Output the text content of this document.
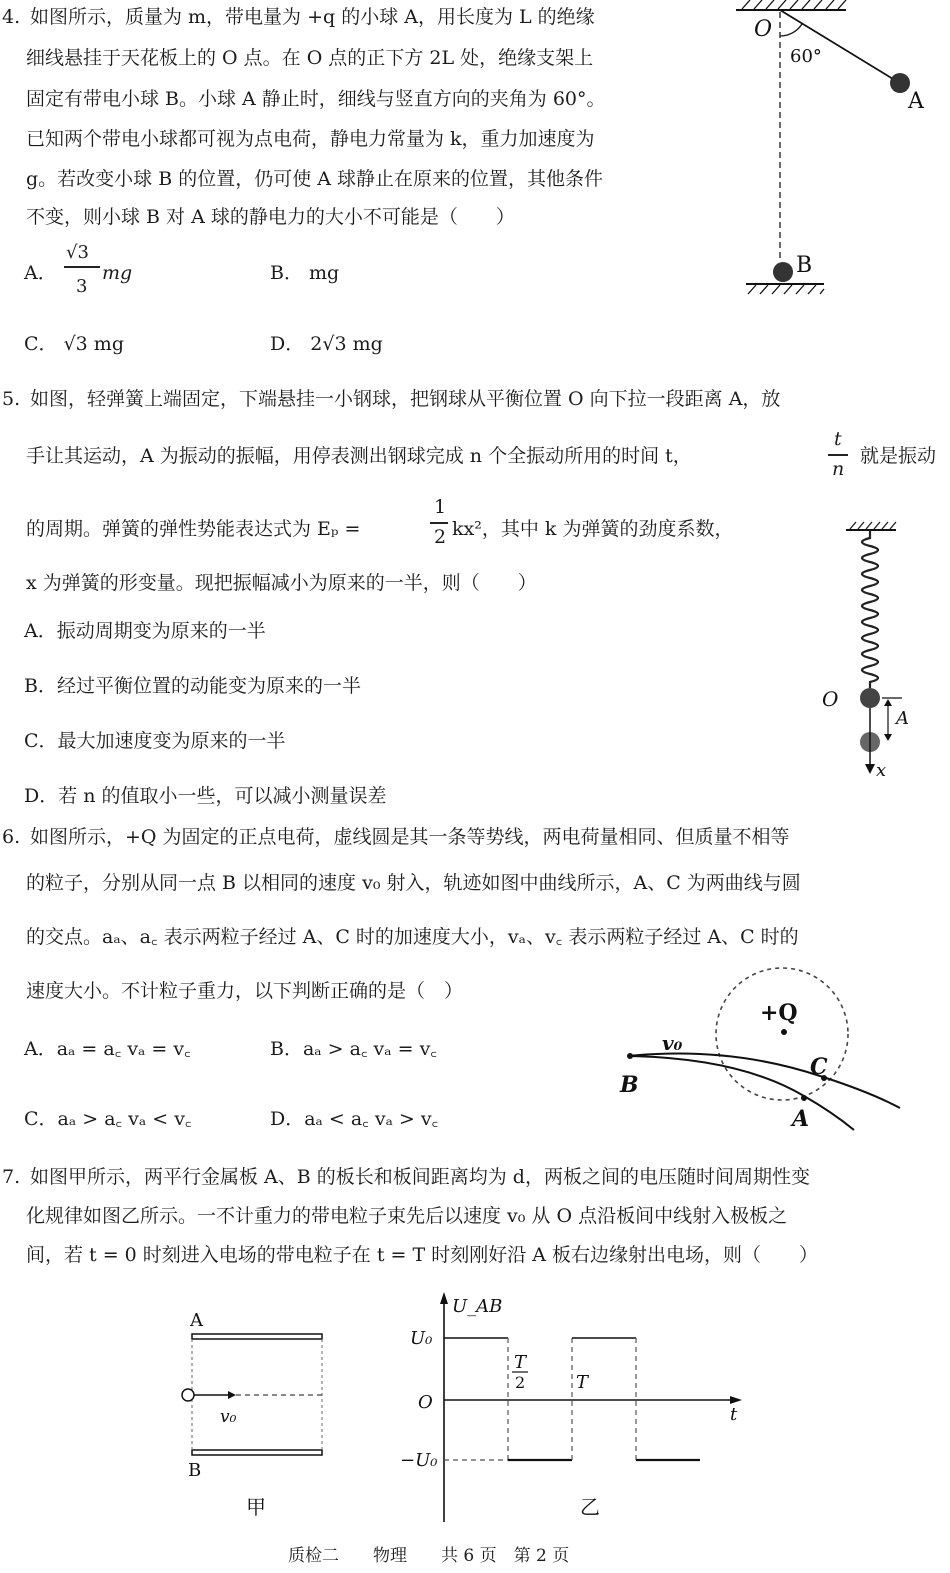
4. 如图所示，质量为 m，带电量为 +q 的小球 A，用长度为 L 的绝缘
细线悬挂于天花板上的 O 点。在 O 点的正下方 2L 处，绝缘支架上
固定有带电小球 B。小球 A 静止时，细线与竖直方向的夹角为 60°。
已知两个带电小球都可视为点电荷，静电力常量为 k，重力加速度为
g。若改变小球 B 的位置，仍可使 A 球静止在原来的位置，其他条件
不变，则小球 B 对 A 球的静电力的大小不可能是（　　）
A．
√3
3
mg	B． mg
C． √3 mg	D． 2√3 mg
O
60°
A
B
5. 如图，轻弹簧上端固定，下端悬挂一小钢球，把钢球从平衡位置 O 向下拉一段距离 A，放
手让其运动，A 为振动的振幅，用停表测出钢球完成 n 个全振动所用的时间 t，
t
n
就是振动
的周期。弹簧的弹性势能表达式为 Eₚ =
1
2 kx²，其中 k 为弹簧的劲度系数，
x 为弹簧的形变量。现把振幅减小为原来的一半，则（　　）
A．振动周期变为原来的一半
B．经过平衡位置的动能变为原来的一半
C．最大加速度变为原来的一半
D．若 n 的值取小一些，可以减小测量误差
O
A
x
6. 如图所示，+Q 为固定的正点电荷，虚线圆是其一条等势线，两电荷量相同、但质量不相等
的粒子，分别从同一点 B 以相同的速度 v₀ 射入，轨迹如图中曲线所示，A、C 为两曲线与圆
的交点。aₐ、a꜀ 表示两粒子经过 A、C 时的加速度大小，vₐ、v꜀ 表示两粒子经过 A、C 时的
速度大小。不计粒子重力，以下判断正确的是（　）
A．aₐ = a꜀ vₐ = v꜀	B．aₐ > a꜀ vₐ = v꜀
C．aₐ > a꜀ vₐ < v꜀	D．aₐ < a꜀ vₐ > v꜀
+Q
v₀
B
C
A
7. 如图甲所示，两平行金属板 A、B 的板长和板间距离均为 d，两板之间的电压随时间周期性变
化规律如图乙所示。一不计重力的带电粒子束先后以速度 v₀ 从 O 点沿板间中线射入极板之
间，若 t = 0 时刻进入电场的带电粒子在 t = T 时刻刚好沿 A 板右边缘射出电场，则（　　）
A
B
v₀
甲
U_AB
U₀
O
T
2	T
t
−U₀
乙
质检二　　物理　　共 6 页　第 2 页
